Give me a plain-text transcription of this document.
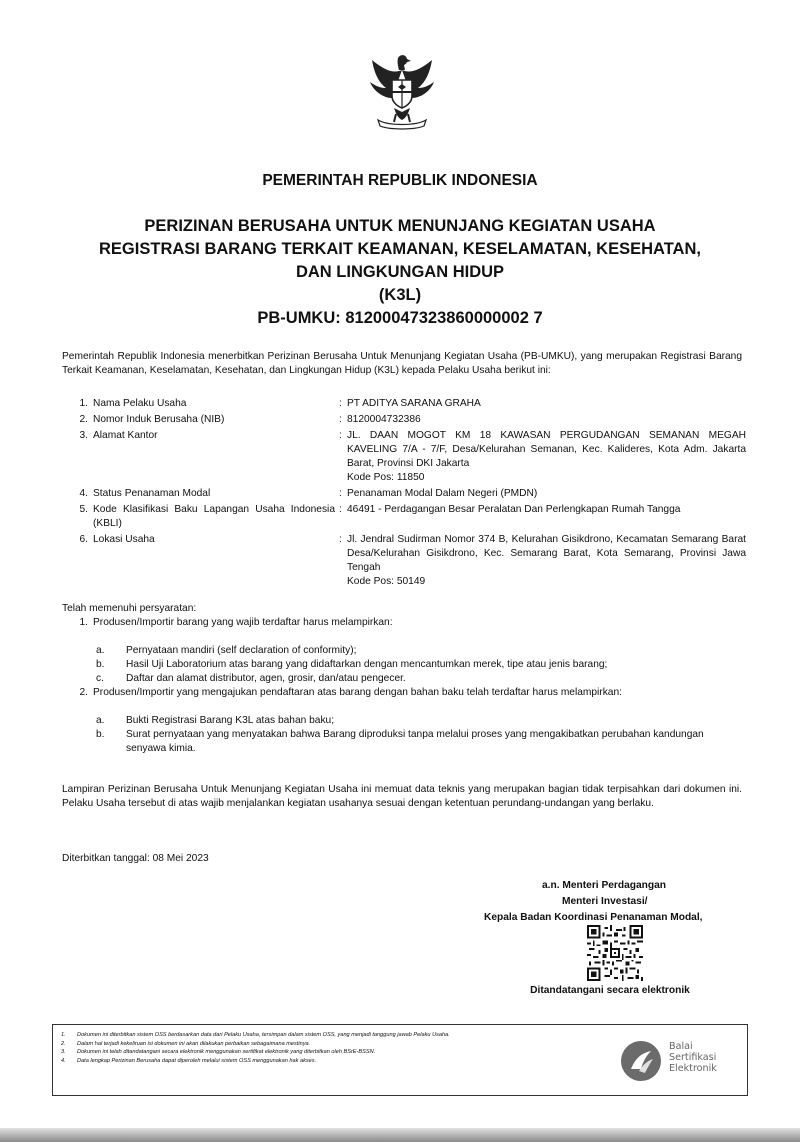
PEMERINTAH REPUBLIK INDONESIA
PERIZINAN BERUSAHA UNTUK MENUNJANG KEGIATAN USAHA
REGISTRASI BARANG TERKAIT KEAMANAN, KESELAMATAN, KESEHATAN,
DAN LINGKUNGAN HIDUP
(K3L)
PB-UMKU: 81200047323860000002 7
Pemerintah Republik Indonesia menerbitkan Perizinan Berusaha Untuk Menunjang Kegiatan Usaha (PB-UMKU), yang merupakan Registrasi Barang Terkait Keamanan, Keselamatan, Kesehatan, dan Lingkungan Hidup (K3L) kepada Pelaku Usaha berikut ini:
1. Nama Pelaku Usaha	: PT ADITYA SARANA GRAHA
2. Nomor Induk Berusaha (NIB)	: 8120004732386
3. Alamat Kantor	: JL. DAAN MOGOT KM 18 KAWASAN PERGUDANGAN SEMANAN MEGAH KAVELING 7/A - 7/F, Desa/Kelurahan Semanan, Kec. Kalideres, Kota Adm. Jakarta Barat, Provinsi DKI Jakarta
Kode Pos: 11850
4. Status Penanaman Modal	: Penanaman Modal Dalam Negeri (PMDN)
5. Kode Klasifikasi Baku Lapangan Usaha Indonesia (KBLI)
: 46491 - Perdagangan Besar Peralatan Dan Perlengkapan Rumah Tangga
6. Lokasi Usaha	: Jl. Jendral Sudirman Nomor 374 B, Kelurahan Gisikdrono, Kecamatan Semarang Barat Desa/Kelurahan Gisikdrono, Kec. Semarang Barat, Kota Semarang, Provinsi Jawa Tengah
Kode Pos: 50149
Telah memenuhi persyaratan:
1. Produsen/Importir barang yang wajib terdaftar harus melampirkan:
a.	Pernyataan mandiri (self declaration of conformity);
b.	Hasil Uji Laboratorium atas barang yang didaftarkan dengan mencantumkan merek, tipe atau jenis barang;
c.	Daftar dan alamat distributor, agen, grosir, dan/atau pengecer.
2. Produsen/Importir yang mengajukan pendaftaran atas barang dengan bahan baku telah terdaftar harus melampirkan:
a.	Bukti Registrasi Barang K3L atas bahan baku;
b.	Surat pernyataan yang menyatakan bahwa Barang diproduksi tanpa melalui proses yang mengakibatkan perubahan kandungan senyawa kimia.
Lampiran Perizinan Berusaha Untuk Menunjang Kegiatan Usaha ini memuat data teknis yang merupakan bagian tidak terpisahkan dari dokumen ini. Pelaku Usaha tersebut di atas wajib menjalankan kegiatan usahanya sesuai dengan ketentuan perundang-undangan yang berlaku.
Diterbitkan tanggal: 08 Mei 2023
a.n. Menteri Perdagangan
Menteri Investasi/
Kepala Badan Koordinasi Penanaman Modal,
Ditandatangani secara elektronik
1.	Dokumen ini diterbitkan sistem OSS berdasarkan data dari Pelaku Usaha, tersimpan dalam sistem OSS, yang menjadi tanggung jawab Pelaku Usaha.
2.	Dalam hal terjadi kekeliruan isi dokumen ini akan dilakukan perbaikan sebagaimana mestinya.
3.	Dokumen ini telah ditandatangani secara elektronik menggunakan sertifikat elektronik yang diterbitkan oleh BSrE-BSSN.
4.	Data lengkap Perizinan Berusaha dapat diperoleh melalui sistem OSS menggunakan hak akses.
Balai
Sertifikasi
Elektronik
